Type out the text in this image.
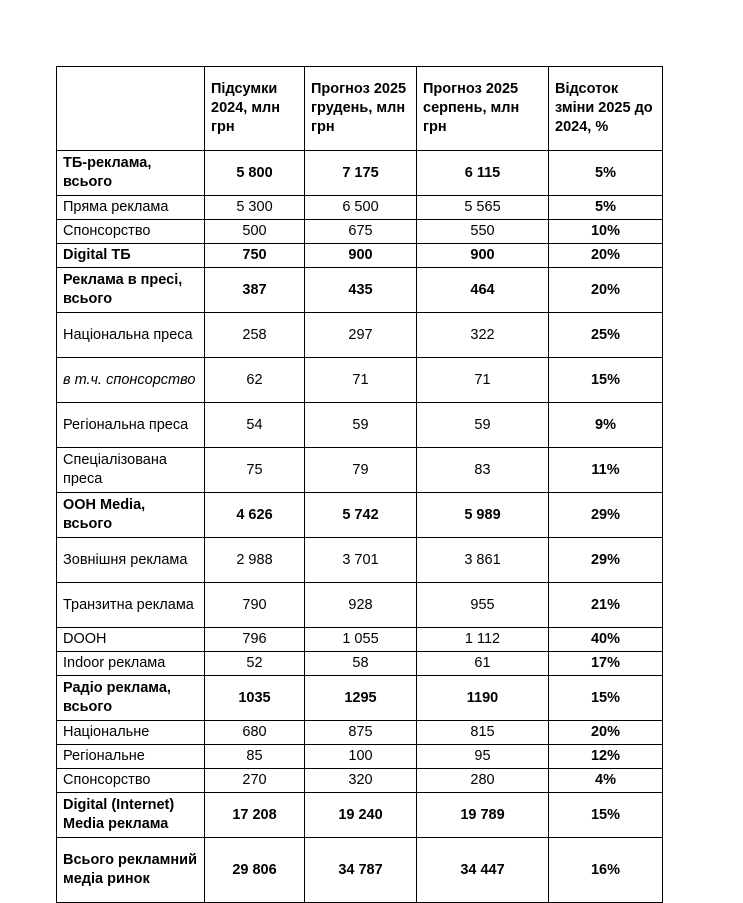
	Підсумки 2024, млн грн	Прогноз 2025 грудень, млн грн	Прогноз 2025 серпень, млн грн	Відсоток зміни 2025 до 2024, %
ТБ-реклама, всього	5 800	7 175	6 115	5%
Пряма реклама	5 300	6 500	5 565	5%
Спонсорство	500	675	550	10%
Digital ТБ	750	900	900	20%
Реклама в пресі, всього	387	435	464	20%
Національна преса	258	297	322	25%
в т.ч. спонсорство	62	71	71	15%
Регіональна преса	54	59	59	9%
Спеціалізована преса	75	79	83	11%
OOH Media, всього	4 626	5 742	5 989	29%
Зовнішня реклама	2 988	3 701	3 861	29%
Транзитна реклама	790	928	955	21%
DOOH	796	1 055	1 112	40%
Indoor реклама	52	58	61	17%
Радіо реклама, всього	1035	1295	1190	15%
Національне	680	875	815	20%
Регіональне	85	100	95	12%
Спонсорство	270	320	280	4%
Digital (Internet) Media реклама	17 208	19 240	19 789	15%
Всього рекламний медіа ринок	29 806	34 787	34 447	16%
